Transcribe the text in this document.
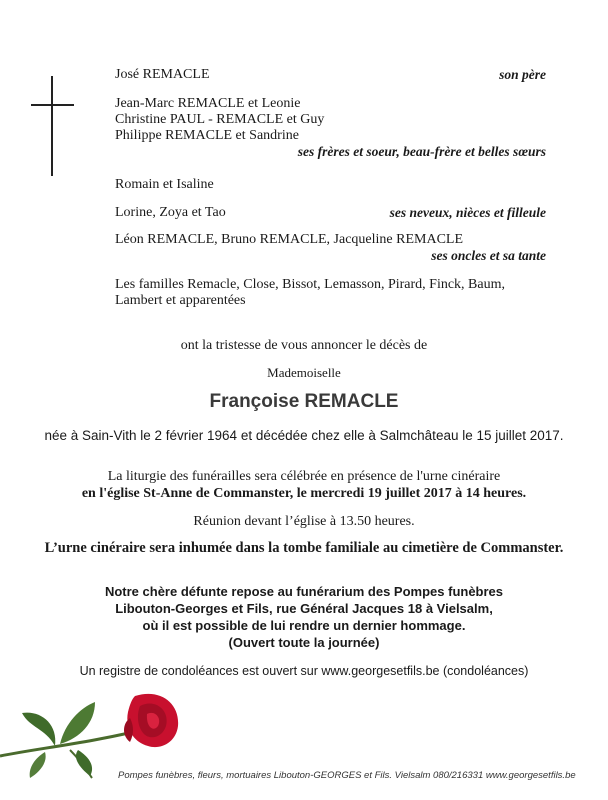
José REMACLE	son père
Jean-Marc REMACLE et Leonie
Christine PAUL - REMACLE et Guy
Philippe REMACLE et Sandrine
ses frères et soeur, beau-frère et belles sœurs
Romain et Isaline
Lorine, Zoya et Tao	ses neveux, nièces et filleule
Léon REMACLE, Bruno REMACLE, Jacqueline REMACLE
ses oncles et sa tante
Les familles Remacle, Close, Bissot, Lemasson, Pirard, Finck, Baum,
Lambert et apparentées
ont la tristesse de vous annoncer le décès de
Mademoiselle
Françoise REMACLE
née à Sain-Vith le 2 février 1964 et décédée chez elle à Salmchâteau le 15 juillet 2017.
La liturgie des funérailles sera célébrée en présence de l'urne cinéraire
en l'église St-Anne de Commanster, le mercredi 19 juillet 2017 à 14 heures.
Réunion devant l’église à 13.50 heures.
L’urne cinéraire sera inhumée dans la tombe familiale au cimetière de Commanster.
Notre chère défunte repose au funérarium des Pompes funèbres
Libouton-Georges et Fils, rue Général Jacques 18 à Vielsalm,
où il est possible de lui rendre un dernier hommage.
(Ouvert toute la journée)
Un registre de condoléances est ouvert sur www.georgesetfils.be (condoléances)
Pompes funèbres, fleurs, mortuaires Libouton-GEORGES et Fils. Vielsalm 080/216331 www.georgesetfils.be
